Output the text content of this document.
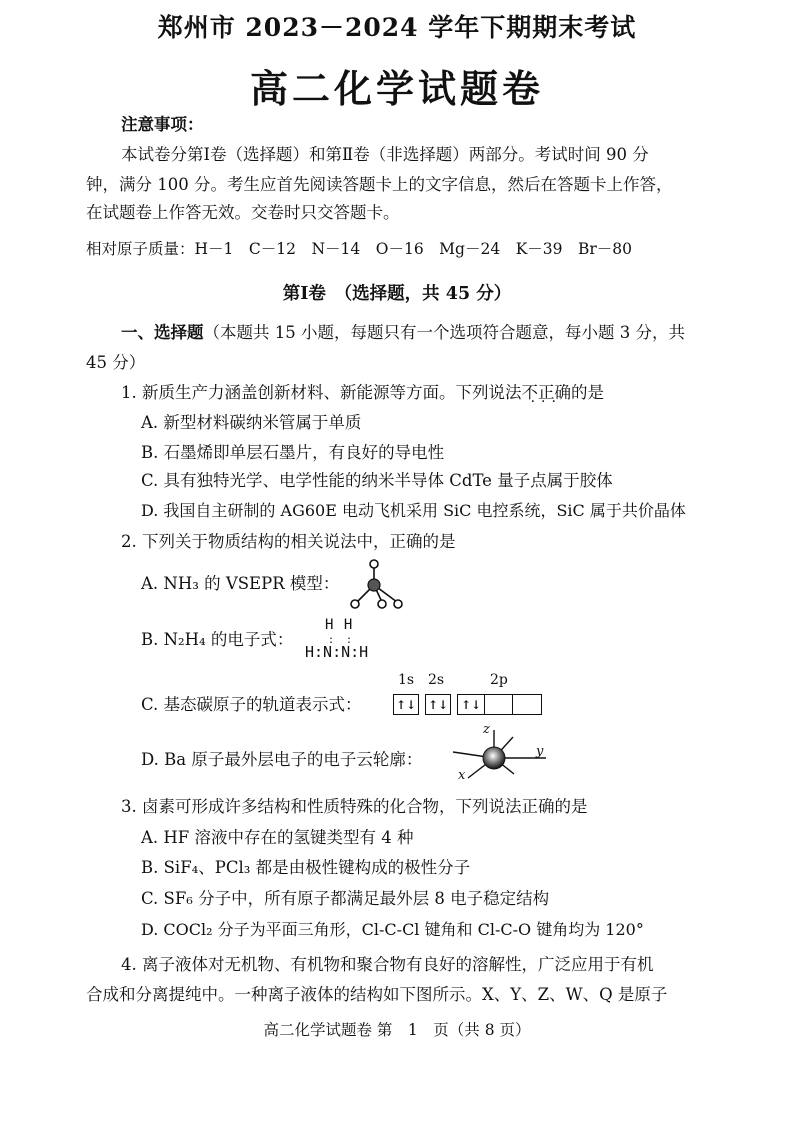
郑州市 2023－2024 学年下期期末考试
高二化学试题卷
注意事项：
本试卷分第Ⅰ卷（选择题）和第Ⅱ卷（非选择题）两部分。考试时间 90 分
钟，满分 100 分。考生应首先阅读答题卡上的文字信息，然后在答题卡上作答，
在试题卷上作答无效。交卷时只交答题卡。
相对原子质量：H－1　C－12　N－14　O－16　Mg－24　K－39　Br－80
第Ⅰ卷　（选择题，共 45 分）
一、选择题（本题共 15 小题，每题只有一个选项符合题意，每小题 3 分，共
45 分）
1. 新质生产力涵盖创新材料、新能源等方面。下列说法不正确 ···的是
A. 新型材料碳纳米管属于单质
B. 石墨烯即单层石墨片，有良好的导电性
C. 具有独特光学、电学性能的纳米半导体 CdTe 量子点属于胶体
D. 我国自主研制的 AG60E 电动飞机采用 SiC 电控系统，SiC 属于共价晶体
2. 下列关于物质结构的相关说法中，正确的是
A. NH₃ 的 VSEPR 模型：
B. N₂H₄ 的电子式：
H H
H:N:N:H
: :
C. 基态碳原子的轨道表示式：
1s 2s	2p
↑↓ ↑↓ ↑↓
D. Ba 原子最外层电子的电子云轮廓：
z
y
x
3. 卤素可形成许多结构和性质特殊的化合物，下列说法正确的是
A. HF 溶液中存在的氢键类型有 4 种
B. SiF₄、PCl₃ 都是由极性键构成的极性分子
C. SF₆ 分子中，所有原子都满足最外层 8 电子稳定结构
D. COCl₂ 分子为平面三角形，Cl-C-Cl 键角和 Cl-C-O 键角均为 120°
4. 离子液体对无机物、有机物和聚合物有良好的溶解性，广泛应用于有机
合成和分离提纯中。一种离子液体的结构如下图所示。X、Y、Z、W、Q 是原子
高二化学试题卷 第　1　页（共 8 页）
